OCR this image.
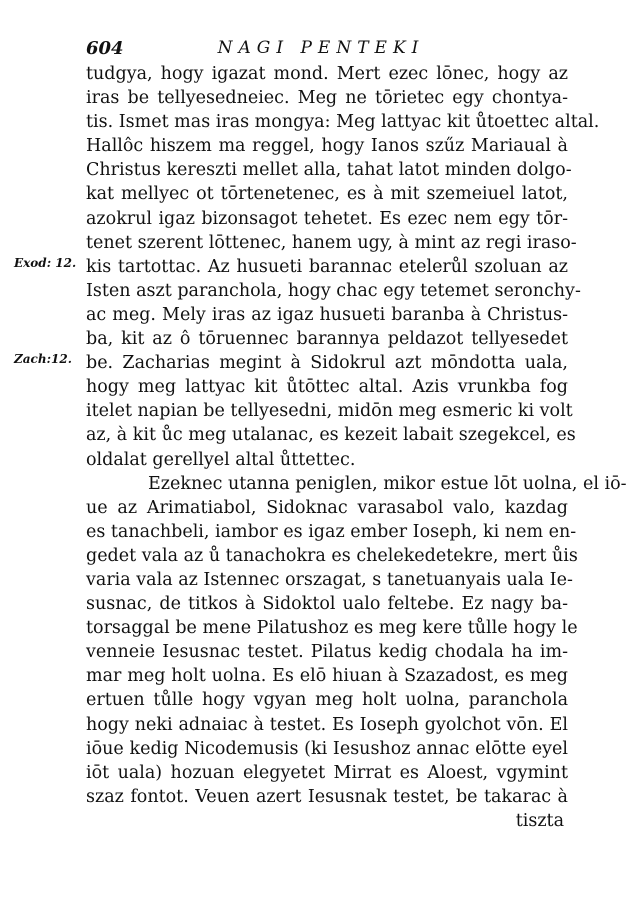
604	NAGI PENTEKI
Exod: 12.
Zach:12.
tudgya, hogy igazat mond. Mert ezec lōnec, hogy az
iras be tellyesedneiec. Meg ne tōrietec egy chontya-
tis. Ismet mas iras mongya: Meg lattyac kit ůtoettec altal.
Hallôc hiszem ma reggel, hogy Ianos szűz Mariaual à
Christus kereszti mellet alla, tahat latot minden dolgo-
kat mellyec ot tōrtenetenec, es à mit szemeiuel latot,
azokrul igaz bizonsagot tehetet. Es ezec nem egy tōr-
tenet szerent lōttenec, hanem ugy, à mint az regi iraso-
kis tartottac. Az husueti barannac etelerůl szoluan az
Isten aszt paranchola, hogy chac egy tetemet seronchy-
ac meg. Mely iras az igaz husueti baranba à Christus-
ba, kit az ô tōruennec barannya peldazot tellyesedet
be. Zacharias megint à Sidokrul azt mōndotta uala,
hogy meg lattyac kit ůtōttec altal. Azis vrunkba fog
itelet napian be tellyesedni, midōn meg esmeric ki volt
az, à kit ůc meg utalanac, es kezeit labait szegekcel, es
oldalat gerellyel altal ůttettec.
Ezeknec utanna peniglen, mikor estue lōt uolna, el iō-
ue az Arimatiabol, Sidoknac varasabol valo, kazdag
es tanachbeli, iambor es igaz ember Ioseph, ki nem en-
gedet vala az ů tanachokra es chelekedetekre, mert ůis
varia vala az Istennec orszagat, s tanetuanyais uala Ie-
susnac, de titkos à Sidoktol ualo feltebe. Ez nagy ba-
torsaggal be mene Pilatushoz es meg kere tůlle hogy le
venneie Iesusnac testet. Pilatus kedig chodala ha im-
mar meg holt uolna. Es elō hiuan à Szazadost, es meg
ertuen tůlle hogy vgyan meg holt uolna, paranchola
hogy neki adnaiac à testet. Es Ioseph gyolchot vōn. El
iōue kedig Nicodemusis (ki Iesushoz annac elōtte eyel
iōt uala) hozuan elegyetet Mirrat es Aloest, vgymint
szaz fontot. Veuen azert Iesusnak testet, be takarac à
tiszta
